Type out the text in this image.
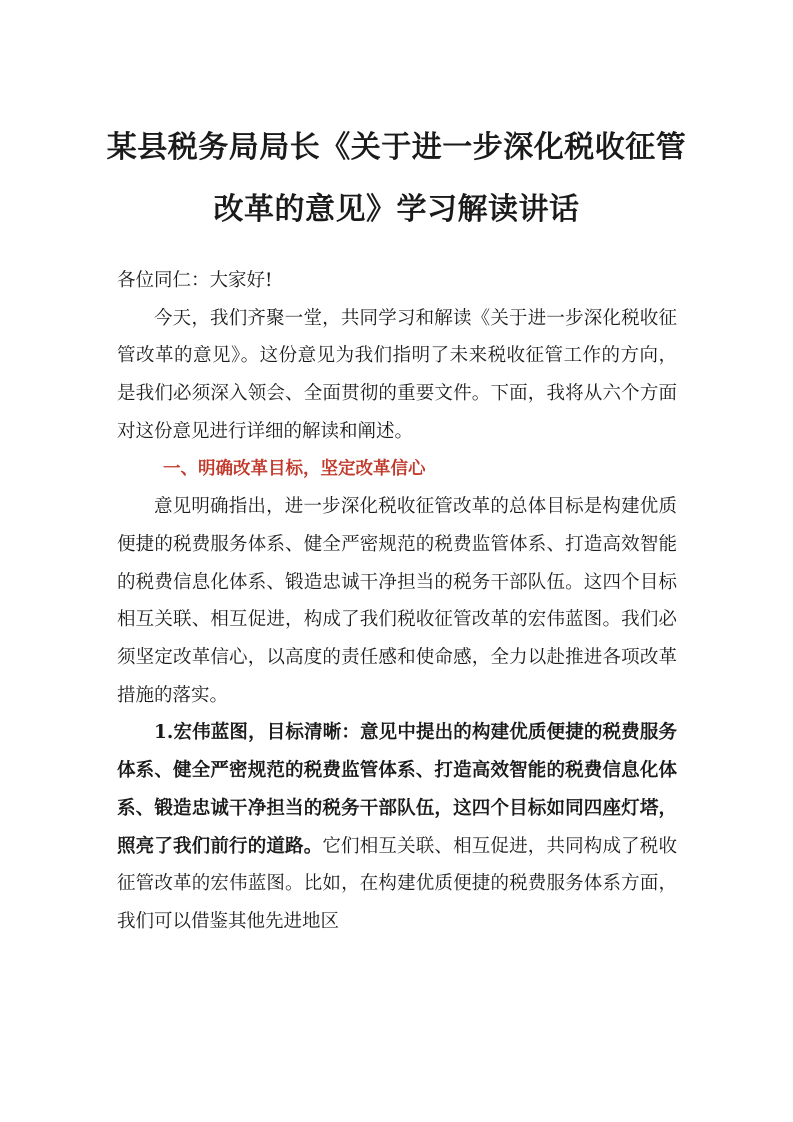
某县税务局局长《关于进一步深化税收征管
改革的意见》学习解读讲话

各位同仁：大家好!

今天，我们齐聚一堂，共同学习和解读《关于进一步深化税收征管改革的意见》。这份意见为我们指明了未来税收征管工作的方向，是我们必须深入领会、全面贯彻的重要文件。下面，我将从六个方面对这份意见进行详细的解读和阐述。

一、明确改革目标，坚定改革信心

意见明确指出，进一步深化税收征管改革的总体目标是构建优质便捷的税费服务体系、健全严密规范的税费监管体系、打造高效智能的税费信息化体系、锻造忠诚干净担当的税务干部队伍。这四个目标相互关联、相互促进，构成了我们税收征管改革的宏伟蓝图。我们必须坚定改革信心，以高度的责任感和使命感，全力以赴推进各项改革措施的落实。

1.宏伟蓝图，目标清晰：意见中提出的构建优质便捷的税费服务体系、健全严密规范的税费监管体系、打造高效智能的税费信息化体系、锻造忠诚干净担当的税务干部队伍，这四个目标如同四座灯塔，照亮了我们前行的道路。它们相互关联、相互促进，共同构成了税收征管改革的宏伟蓝图。比如，在构建优质便捷的税费服务体系方面，我们可以借鉴其他先进地区
